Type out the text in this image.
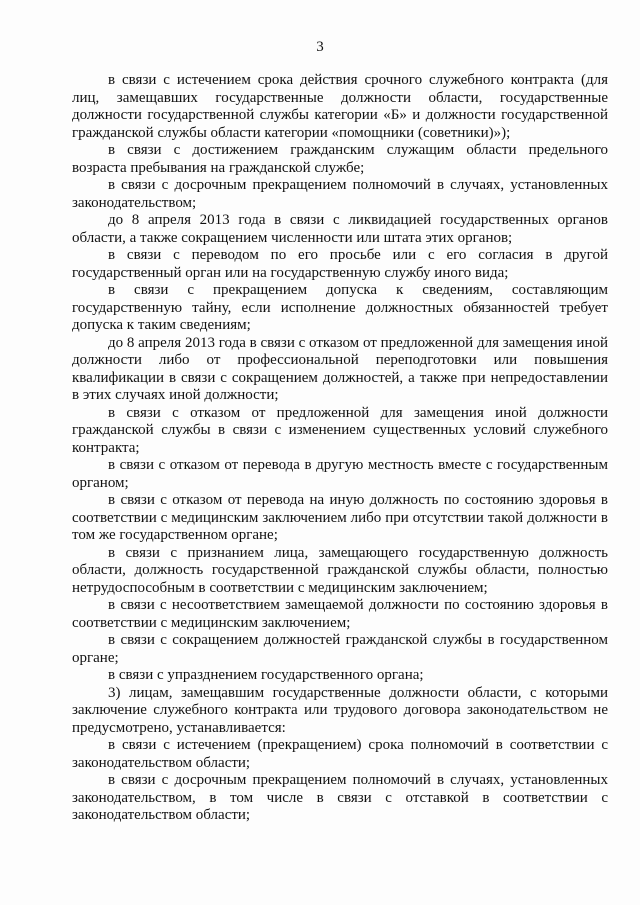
3

в связи с истечением срока действия срочного служебного контракта (для лиц, замещавших государственные должности области, государственные должности государственной службы категории «Б» и должности государственной гражданской службы области категории «помощники (советники)»);

в связи с достижением гражданским служащим области предельного возраста пребывания на гражданской службе;

в связи с досрочным прекращением полномочий в случаях, установленных законодательством;

до 8 апреля 2013 года в связи с ликвидацией государственных органов области, а также сокращением численности или штата этих органов;

в связи с переводом по его просьбе или с его согласия в другой государственный орган или на государственную службу иного вида;

в связи с прекращением допуска к сведениям, составляющим государственную тайну, если исполнение должностных обязанностей требует допуска к таким сведениям;

до 8 апреля 2013 года в связи с отказом от предложенной для замещения иной должности либо от профессиональной переподготовки или повышения квалификации в связи с сокращением должностей, а также при непредоставлении в этих случаях иной должности;

в связи с отказом от предложенной для замещения иной должности гражданской службы в связи с изменением существенных условий служебного контракта;

в связи с отказом от перевода в другую местность вместе с государственным органом;

в связи с отказом от перевода на иную должность по состоянию здоровья в соответствии с медицинским заключением либо при отсутствии такой должности в том же государственном органе;

в связи с признанием лица, замещающего государственную должность области, должность государственной гражданской службы области, полностью нетрудоспособным в соответствии с медицинским заключением;

в связи с несоответствием замещаемой должности по состоянию здоровья в соответствии с медицинским заключением;

в связи с сокращением должностей гражданской службы в государственном органе;

в связи с упразднением государственного органа;

3) лицам, замещавшим государственные должности области, с которыми заключение служебного контракта или трудового договора законодательством не предусмотрено, устанавливается:

в связи с истечением (прекращением) срока полномочий в соответствии с законодательством области;

в связи с досрочным прекращением полномочий в случаях, установленных законодательством, в том числе в связи с отставкой в соответствии с законодательством области;
